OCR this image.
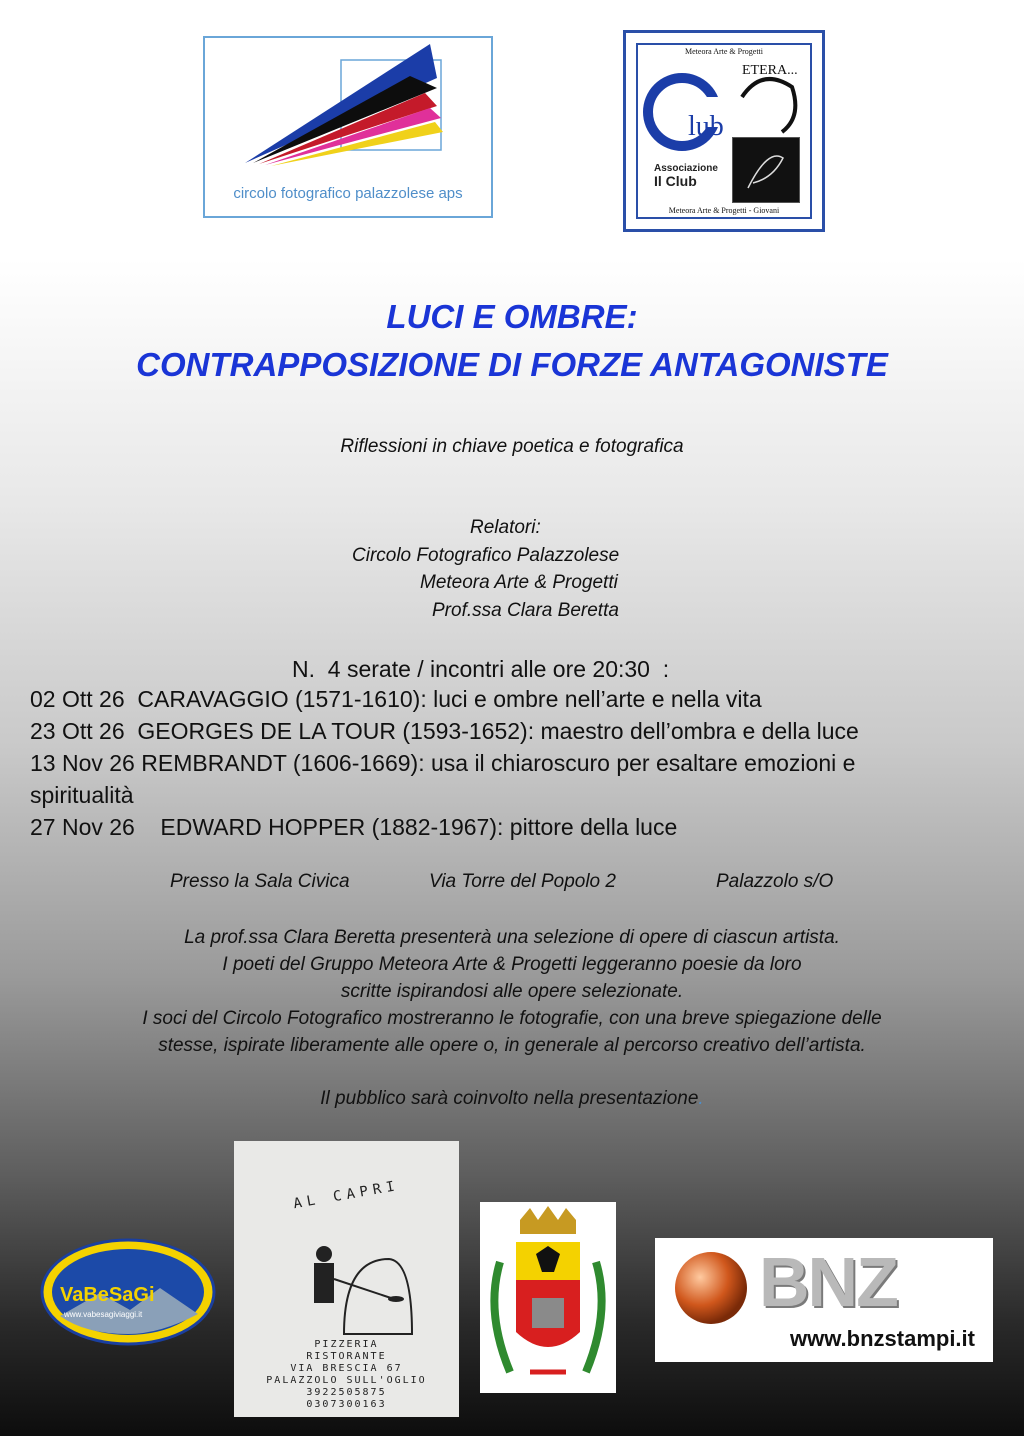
circolo fotografico palazzolese aps
Meteora Arte & Progetti
lub
ETERA...
Associazione
Il Club
Meteora Arte & Progetti - Giovani
LUCI E OMBRE:
CONTRAPPOSIZIONE DI FORZE ANTAGONISTE
Riflessioni in chiave poetica e fotografica
Relatori:
Circolo Fotografico Palazzolese
Meteora Arte & Progetti
Prof.ssa Clara Beretta
N.  4 serate / incontri alle ore 20:30  :
02 Ott 26  CARAVAGGIO (1571-1610): luci e ombre nell’arte e nella vita
23 Ott 26  GEORGES DE LA TOUR (1593-1652): maestro dell’ombra e della luce
13 Nov 26 REMBRANDT (1606-1669): usa il chiaroscuro per esaltare emozioni e
spiritualità
27 Nov 26    EDWARD HOPPER (1882-1967): pittore della luce
Presso la Sala Civica	Via Torre del Popolo 2	Palazzolo s/O
La prof.ssa Clara Beretta presenterà una selezione di opere di ciascun artista.
I poeti del Gruppo Meteora Arte & Progetti leggeranno poesie da loro
scritte ispirandosi alle opere selezionate.
I soci del Circolo Fotografico mostreranno le fotografie, con una breve spiegazione delle
stesse, ispirate liberamente alle opere o, in generale al percorso creativo dell’artista.
Il pubblico sarà coinvolto nella presentazione.
VaBeSaGi
www.vabesagiviaggi.it
AL CAPRI
PIZZERIA
RISTORANTE
VIA BRESCIA 67
PALAZZOLO SULL'OGLIO
3922505875
0307300163
BNZ
www.bnzstampi.it
